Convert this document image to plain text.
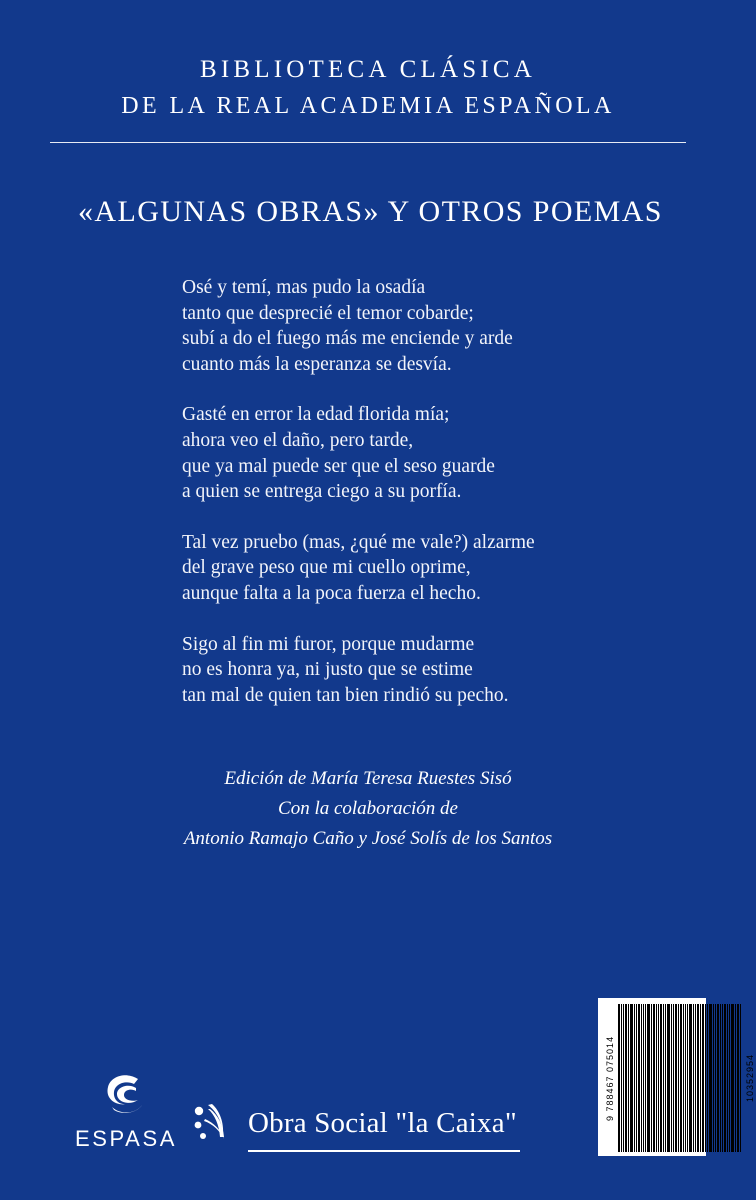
BIBLIOTECA CLÁSICA
DE LA REAL ACADEMIA ESPAÑOLA
«ALGUNAS OBRAS» Y OTROS POEMAS
Osé y temí, mas pudo la osadía
tanto que desprecié el temor cobarde;
subí a do el fuego más me enciende y arde
cuanto más la esperanza se desvía.
Gasté en error la edad florida mía;
ahora veo el daño, pero tarde,
que ya mal puede ser que el seso guarde
a quien se entrega ciego a su porfía.
Tal vez pruebo (mas, ¿qué me vale?) alzarme
del grave peso que mi cuello oprime,
aunque falta a la poca fuerza el hecho.
Sigo al fin mi furor, porque mudarme
no es honra ya, ni justo que se estime
tan mal de quien tan bien rindió su pecho.
Edición de María Teresa Ruestes Sisó
Con la colaboración de
Antonio Ramajo Caño y José Solís de los Santos
ESPASA	Obra Social "la Caixa"
9 788467 075014	10352954
